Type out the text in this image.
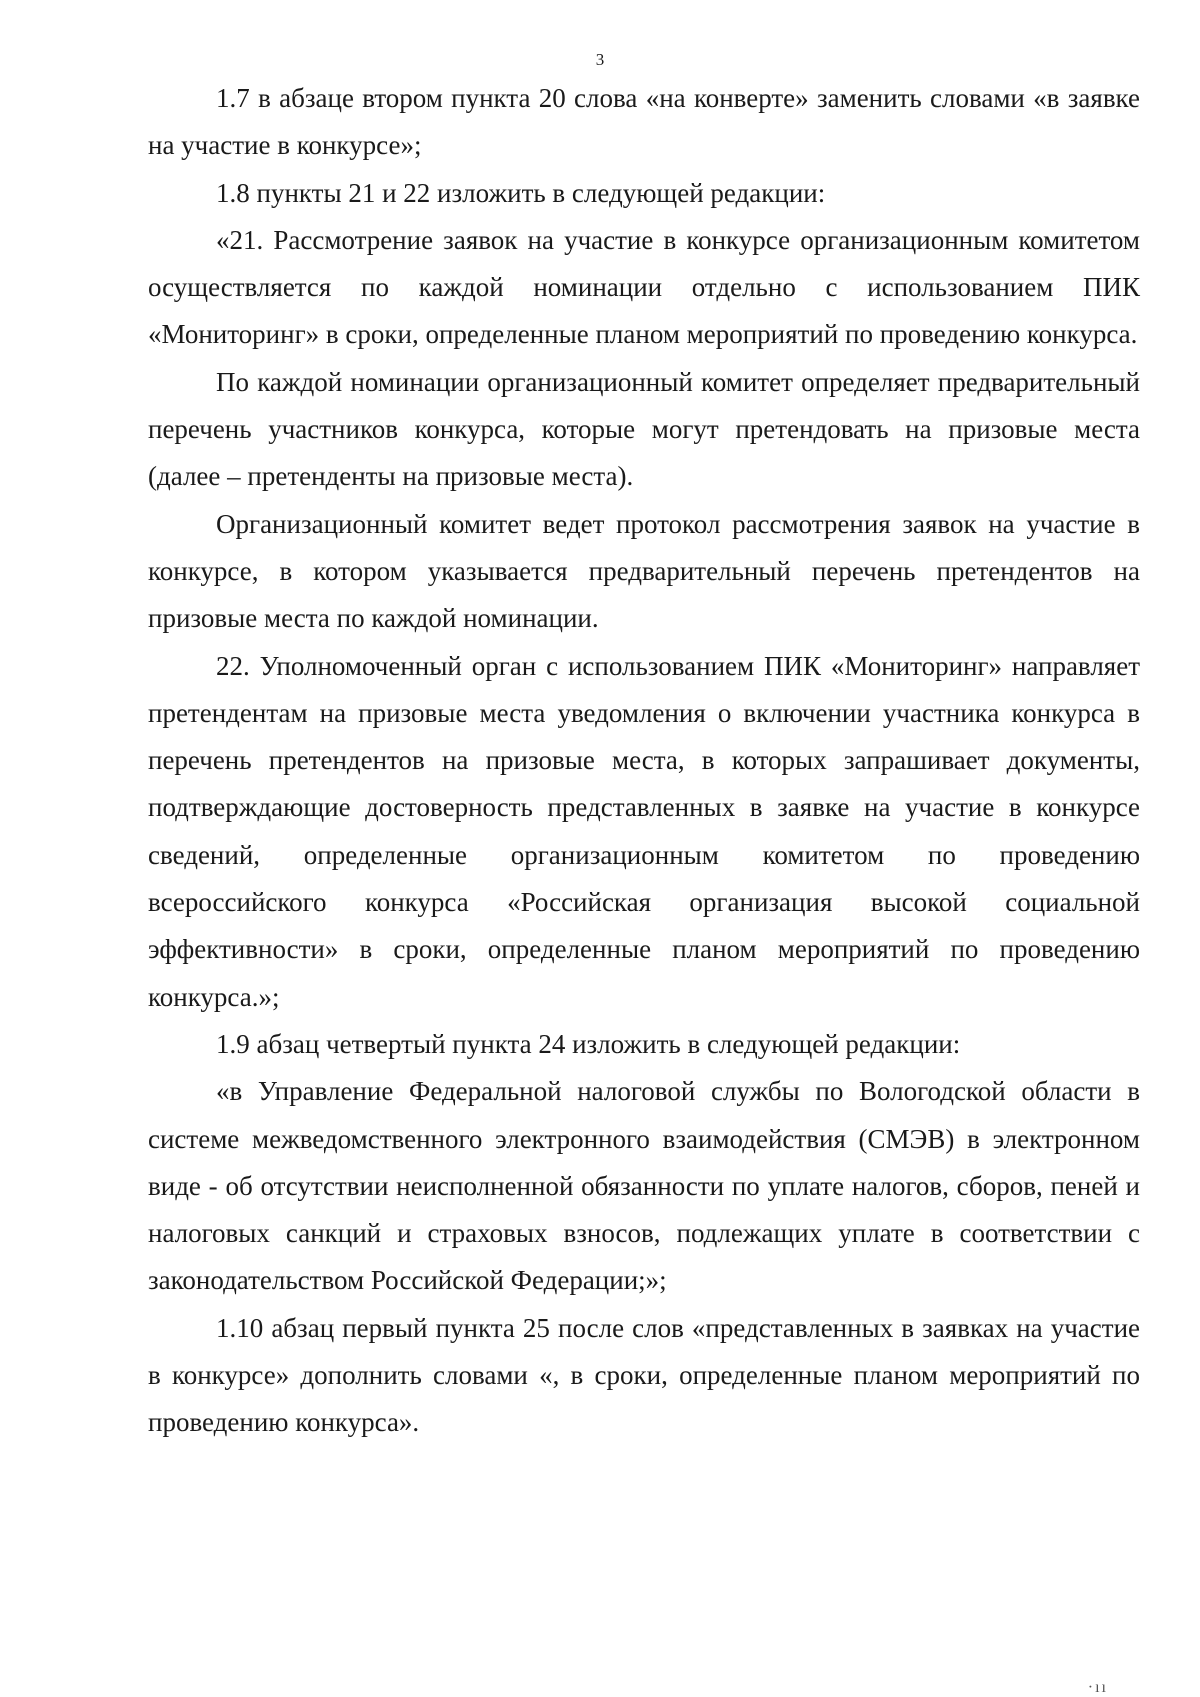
3

1.7 в абзаце втором пункта 20 слова «на конверте» заменить словами «в заявке на участие в конкурсе»;

1.8 пункты 21 и 22 изложить в следующей редакции:

«21. Рассмотрение заявок на участие в конкурсе организационным комитетом осуществляется по каждой номинации отдельно с использованием ПИК «Мониторинг» в сроки, определенные планом мероприятий по проведению конкурса.

По каждой номинации организационный комитет определяет предварительный перечень участников конкурса, которые могут претендовать на призовые места (далее – претенденты на призовые места).

Организационный комитет ведет протокол рассмотрения заявок на участие в конкурсе, в котором указывается предварительный перечень претендентов на призовые места по каждой номинации.

22. Уполномоченный орган с использованием ПИК «Мониторинг» направляет претендентам на призовые места уведомления о включении участника конкурса в перечень претендентов на призовые места, в которых запрашивает документы, подтверждающие достоверность представленных в заявке на участие в конкурсе сведений, определенные организационным комитетом по проведению всероссийского конкурса «Российская организация высокой социальной эффективности» в сроки, определенные планом мероприятий по проведению конкурса.»;

1.9 абзац четвертый пункта 24 изложить в следующей редакции:

«в Управление Федеральной налоговой службы по Вологодской области в системе межведомственного электронного взаимодействия (СМЭВ) в электронном виде - об отсутствии неисполненной обязанности по уплате налогов, сборов, пеней и налоговых санкций и страховых взносов, подлежащих уплате в соответствии с законодательством Российской Федерации;»;

1.10 абзац первый пункта 25 после слов «представленных в заявках на участие в конкурсе» дополнить словами «, в сроки, определенные планом мероприятий по проведению конкурса».

·ıı
